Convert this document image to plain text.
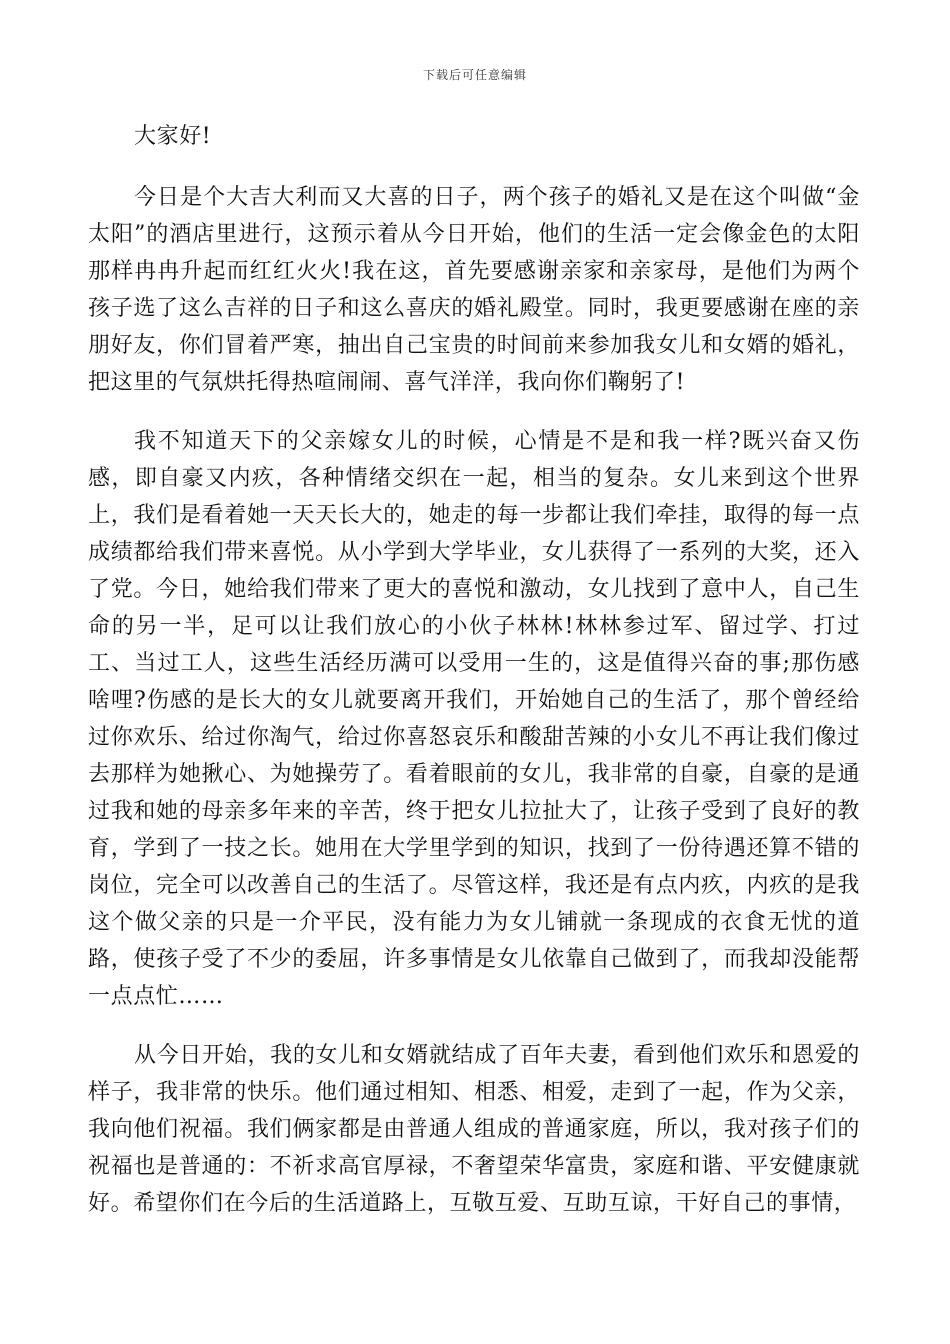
下载后可任意编辑

大家好!

今日是个大吉大利而又大喜的日子，两个孩子的婚礼又是在这个叫做“金太阳”的酒店里进行，这预示着从今日开始，他们的生活一定会像金色的太阳那样冉冉升起而红红火火!我在这，首先要感谢亲家和亲家母，是他们为两个孩子选了这么吉祥的日子和这么喜庆的婚礼殿堂。同时，我更要感谢在座的亲朋好友，你们冒着严寒，抽出自己宝贵的时间前来参加我女儿和女婿的婚礼，把这里的气氛烘托得热喧闹闹、喜气洋洋，我向你们鞠躬了!

我不知道天下的父亲嫁女儿的时候，心情是不是和我一样?既兴奋又伤感，即自豪又内疚，各种情绪交织在一起，相当的复杂。女儿来到这个世界上，我们是看着她一天天长大的，她走的每一步都让我们牵挂，取得的每一点成绩都给我们带来喜悦。从小学到大学毕业，女儿获得了一系列的大奖，还入了党。今日，她给我们带来了更大的喜悦和激动，女儿找到了意中人，自己生命的另一半，足可以让我们放心的小伙子林林!林林参过军、留过学、打过工、当过工人，这些生活经历满可以受用一生的，这是值得兴奋的事;那伤感啥哩?伤感的是长大的女儿就要离开我们，开始她自己的生活了，那个曾经给过你欢乐、给过你淘气，给过你喜怒哀乐和酸甜苦辣的小女儿不再让我们像过去那样为她揪心、为她操劳了。看着眼前的女儿，我非常的自豪，自豪的是通过我和她的母亲多年来的辛苦，终于把女儿拉扯大了，让孩子受到了良好的教育，学到了一技之长。她用在大学里学到的知识，找到了一份待遇还算不错的岗位，完全可以改善自己的生活了。尽管这样，我还是有点内疚，内疚的是我这个做父亲的只是一介平民，没有能力为女儿铺就一条现成的衣食无忧的道路，使孩子受了不少的委屈，许多事情是女儿依靠自己做到了，而我却没能帮一点点忙……

从今日开始，我的女儿和女婿就结成了百年夫妻，看到他们欢乐和恩爱的样子，我非常的快乐。他们通过相知、相悉、相爱，走到了一起，作为父亲，我向他们祝福。我们俩家都是由普通人组成的普通家庭，所以，我对孩子们的祝福也是普通的：不祈求高官厚禄，不奢望荣华富贵，家庭和谐、平安健康就好。希望你们在今后的生活道路上，互敬互爱、互助互谅，干好自己的事情，
